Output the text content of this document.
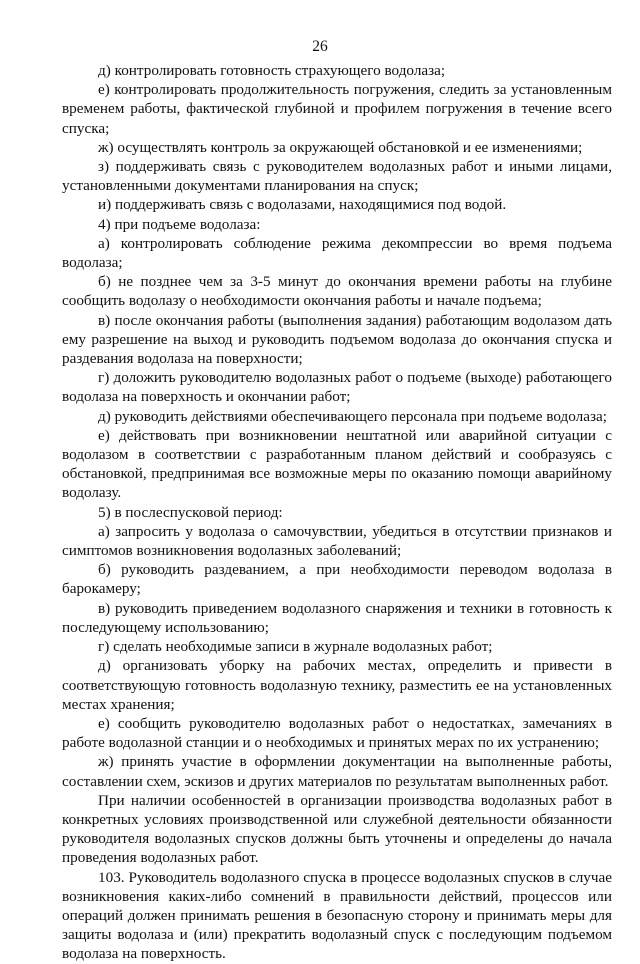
26

д) контролировать готовность страхующего водолаза;

е) контролировать продолжительность погружения, следить за установленным временем работы, фактической глубиной и профилем погружения в течение всего спуска;

ж) осуществлять контроль за окружающей обстановкой и ее изменениями;

з) поддерживать связь с руководителем водолазных работ и иными лицами, установленными документами планирования на спуск;

и) поддерживать связь с водолазами, находящимися под водой.

4) при подъеме водолаза:

а) контролировать соблюдение режима декомпрессии во время подъема водолаза;

б) не позднее чем за 3-5 минут до окончания времени работы на глубине сообщить водолазу о необходимости окончания работы и начале подъема;

в) после окончания работы (выполнения задания) работающим водолазом дать ему разрешение на выход и руководить подъемом водолаза до окончания спуска и раздевания водолаза на поверхности;

г) доложить руководителю водолазных работ о подъеме (выходе) работающего водолаза на поверхность и окончании работ;

д) руководить действиями обеспечивающего персонала при подъеме водолаза;

е) действовать при возникновении нештатной или аварийной ситуации с водолазом в соответствии с разработанным планом действий и сообразуясь с обстановкой, предпринимая все возможные меры по оказанию помощи аварийному водолазу.

5) в послеспусковой период:

а) запросить у водолаза о самочувствии, убедиться в отсутствии признаков и симптомов возникновения водолазных заболеваний;

б) руководить раздеванием, а при необходимости переводом водолаза в барокамеру;

в) руководить приведением водолазного снаряжения и техники в готовность к последующему использованию;

г) сделать необходимые записи в журнале водолазных работ;

д) организовать уборку на рабочих местах, определить и привести в соответствующую готовность водолазную технику, разместить ее на установленных местах хранения;

е) сообщить руководителю водолазных работ о недостатках, замечаниях в работе водолазной станции и о необходимых и принятых мерах по их устранению;

ж) принять участие в оформлении документации на выполненные работы, составлении схем, эскизов и других материалов по результатам выполненных работ.

При наличии особенностей в организации производства водолазных работ в конкретных условиях производственной или служебной деятельности обязанности руководителя водолазных спусков должны быть уточнены и определены до начала проведения водолазных работ.

103. Руководитель водолазного спуска в процессе водолазных спусков в случае возникновения каких-либо сомнений в правильности действий, процессов или операций должен принимать решения в безопасную сторону и принимать меры для защиты водолаза и (или) прекратить водолазный спуск с последующим подъемом водолаза на поверхность.
